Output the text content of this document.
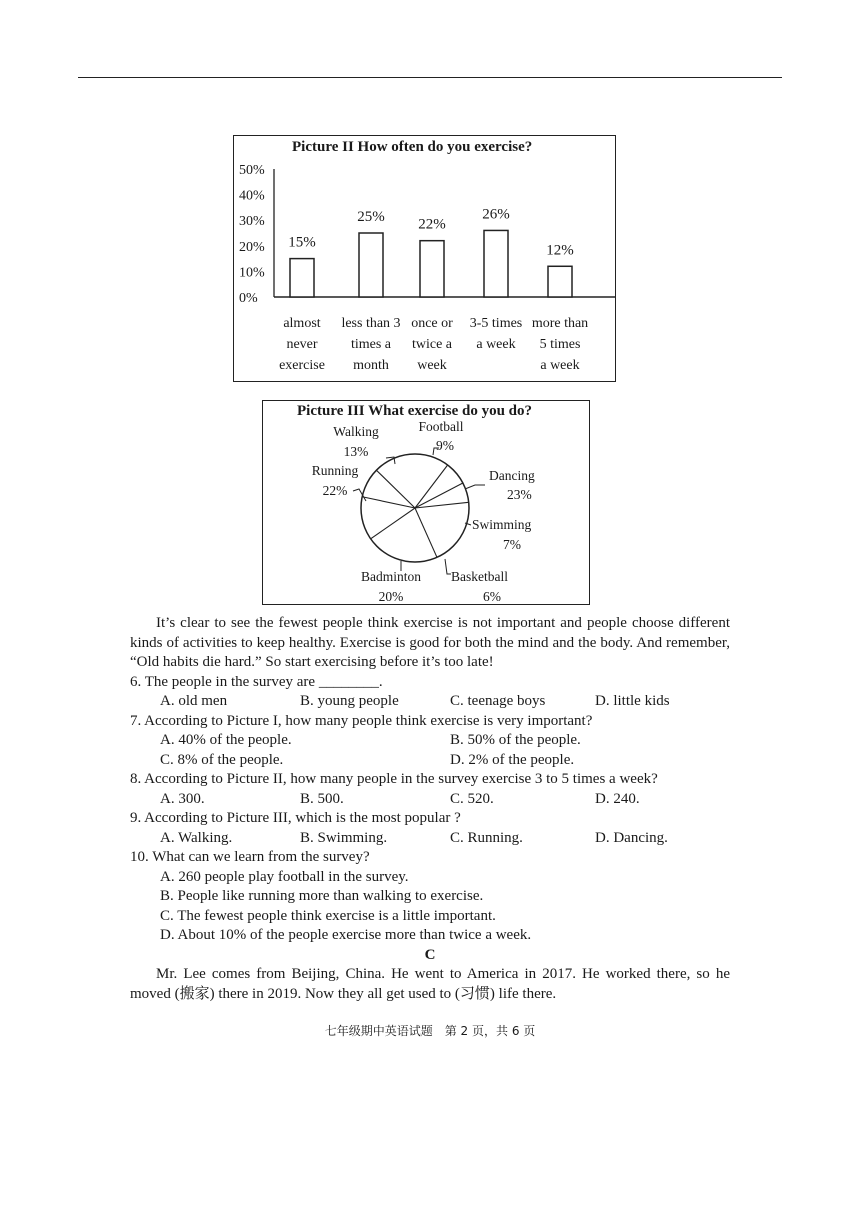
Picture II How often do you exercise?
50%
40%
30%
20%
10%
0%
15%
almost
never
exercise
25%
less than 3
times a
month
22%
once or
twice a
week
26%
3-5 times
a week
12%
more than
5 times
a week
Picture III What exercise do you do?
Football
9%
Dancing
23%
Swimming
7%
Basketball
6%
Badminton
20%
Running
22%
Walking
13%

It’s clear to see the fewest people think exercise is not important and people choose different kinds of activities to keep healthy. Exercise is good for both the mind and the body. And remember, “Old habits die hard.” So start exercising before it’s too late!

6. The people in the survey are ________.

A. old men	B. young people	C. teenage boys	D. little kids

7. According to Picture I, how many people think exercise is very important?

A. 40% of the people.	B. 50% of the people.
C. 8% of the people.	D. 2% of the people.

8. According to Picture II, how many people in the survey exercise 3 to 5 times a week?

A. 300.	B. 500.	C. 520.	D. 240.

9. According to Picture III, which is the most popular ?

A. Walking.	B. Swimming.	C. Running.	D. Dancing.

10. What can we learn from the survey?

A. 260 people play football in the survey.

B. People like running more than walking to exercise.

C. The fewest people think exercise is a little important.

D. About 10% of the people exercise more than twice a week.

C

Mr. Lee comes from Beijing, China. He went to America in 2017. He worked there, so he moved (搬家) there in 2019. Now they all get used to (习惯) life there.

七年级期中英语试题　第 2 页，共 6 页
